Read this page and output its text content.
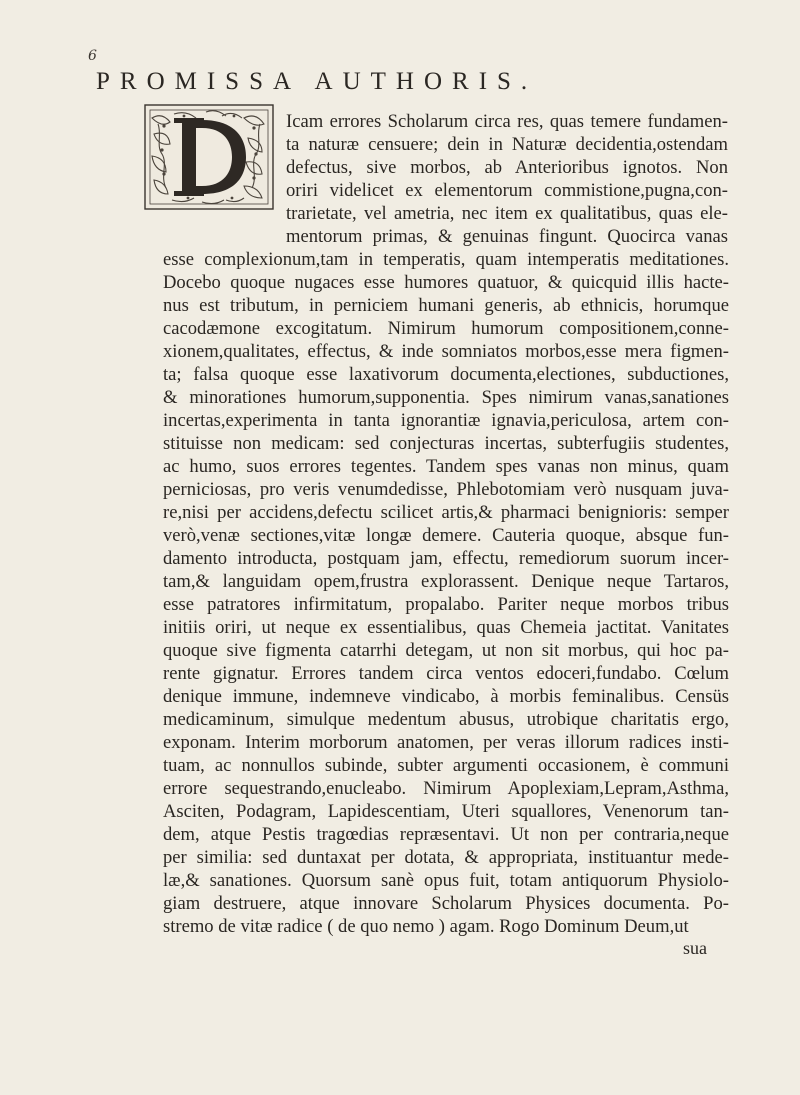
6
PROMISSA AUTHORIS.
Icam errores Scholarum circa res, quas temere fundamen-
ta naturæ censuere; dein in Naturæ decidentia,ostendam
defectus, sive morbos, ab Anterioribus ignotos. Non
oriri videlicet ex elementorum commistione,pugna,con-
trarietate, vel ametria, nec item ex qualitatibus, quas ele-
mentorum primas, & genuinas fingunt. Quocirca vanas
esse complexionum,tam in temperatis, quam intemperatis meditationes.
Docebo quoque nugaces esse humores quatuor, & quicquid illis hacte-
nus est tributum, in perniciem humani generis, ab ethnicis, horumque
cacodæmone excogitatum. Nimirum humorum compositionem,conne-
xionem,qualitates, effectus, & inde somniatos morbos,esse mera figmen-
ta; falsa quoque esse laxativorum documenta,electiones, subductiones,
& minorationes humorum,supponentia. Spes nimirum vanas,sanationes
incertas,experimenta in tanta ignorantiæ ignavia,periculosa, artem con-
stituisse non medicam: sed conjecturas incertas, subterfugiis studentes,
ac humo, suos errores tegentes. Tandem spes vanas non minus, quam
perniciosas, pro veris venumdedisse, Phlebotomiam verò nusquam juva-
re,nisi per accidens,defectu scilicet artis,& pharmaci benignioris: semper
verò,venæ sectiones,vitæ longæ demere. Cauteria quoque, absque fun-
damento introducta, postquam jam, effectu, remediorum suorum incer-
tam,& languidam opem,frustra explorassent. Denique neque Tartaros,
esse patratores infirmitatum, propalabo. Pariter neque morbos tribus
initiis oriri, ut neque ex essentialibus, quas Chemeia jactitat. Vanitates
quoque sive figmenta catarrhi detegam, ut non sit morbus, qui hoc pa-
rente gignatur. Errores tandem circa ventos edoceri,fundabo. Cœlum
denique immune, indemneve vindicabo, à morbis feminalibus. Censüs
medicaminum, simulque medentum abusus, utrobique charitatis ergo,
exponam. Interim morborum anatomen, per veras illorum radices insti-
tuam, ac nonnullos subinde, subter argumenti occasionem, è communi
errore sequestrando,enucleabo. Nimirum Apoplexiam,Lepram,Asthma,
Asciten, Podagram, Lapidescentiam, Uteri squallores, Venenorum tan-
dem, atque Pestis tragœdias repræsentavi. Ut non per contraria,neque
per similia: sed duntaxat per dotata, & appropriata, instituantur mede-
læ,& sanationes. Quorsum sanè opus fuit, totam antiquorum Physiolo-
giam destruere, atque innovare Scholarum Physices documenta. Po-
stremo de vitæ radice ( de quo nemo ) agam. Rogo Dominum Deum,ut
sua
